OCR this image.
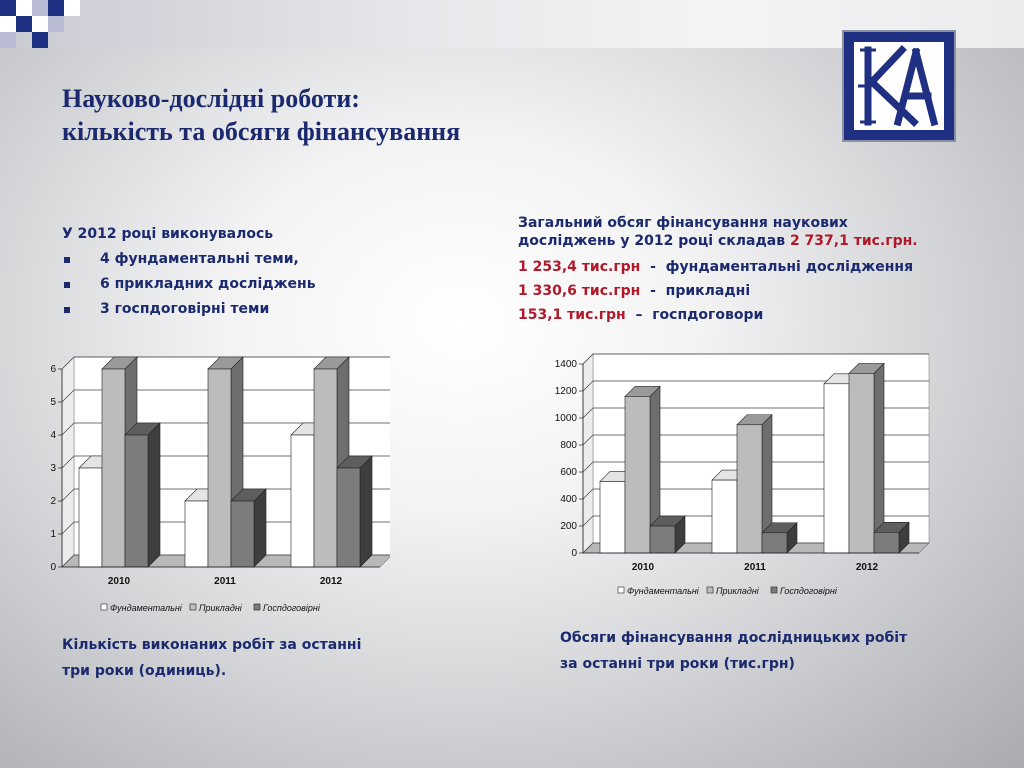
Науково-дослідні роботи:
кількість та обсяги фінансування
У 2012 році виконувалось
4 фундаментальні теми,
6 прикладних досліджень
3 госпдоговірні теми
Загальний обсяг фінансування наукових
досліджень у 2012 році складав 2 737,1 тис.грн.
1 253,4 тис.грн  -  фундаментальні дослідження
1 330,6 тис.грн  -  прикладні
153,1 тис.грн  –  госпдоговори
0
1
2
3
4
5
6
2010	2011	2012
Фундаментальні Прикладні Госпдоговірні
0
200
400
600
800
1000
1200
1400
2010	2011	2012
Фундаментальні Прикладні Госпдоговірні
Кількість виконаних робіт за останні
три роки (одиниць).
Обсяги фінансування дослідницьких робіт
за останні три роки (тис.грн)
